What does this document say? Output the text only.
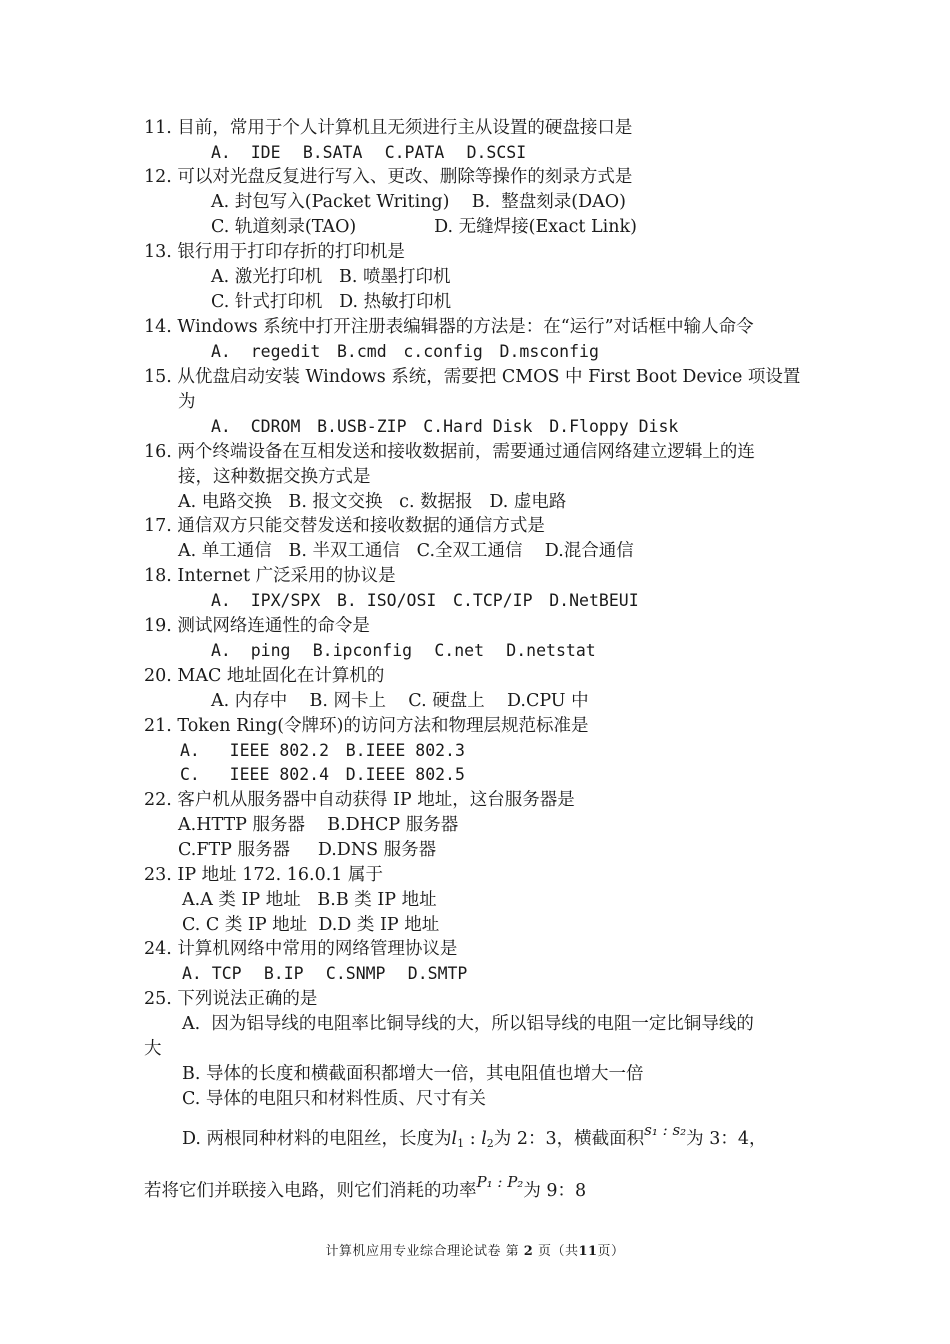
11. 目前，常用于个人计算机且无须进行主从设置的硬盘接口是
A.  IDE B.SATA C.PATA D.SCSI
12. 可以对光盘反复进行写入、更改、删除等操作的刻录方式是
A. 封包写入(Packet Writing) B.  整盘刻录(DAO)
C. 轨道刻录(TAO)	D. 无缝焊接(Exact Link)
13. 银行用于打印存折的打印机是
A. 激光打印机 B. 喷墨打印机
C. 针式打印机 D. 热敏打印机
14. Windows 系统中打开注册表编辑器的方法是：在“运行”对话框中输人命令
A.  regedit B.cmd c.config D.msconfig
15. 从优盘启动安装 Windows 系统，需要把 CMOS 中 First Boot Device 项设置
为
A.  CDROM B.USB-ZIP C.Hard Disk D.Floppy Disk
16. 两个终端设备在互相发送和接收数据前，需要通过通信网络建立逻辑上的连
接，这种数据交换方式是
A. 电路交换 B. 报文交换 c. 数据报 D. 虚电路
17. 通信双方只能交替发送和接收数据的通信方式是
A. 单工通信 B. 半双工通信 C.全双工通信 D.混合通信
18. Internet 广泛采用的协议是
A.  IPX/SPX B. ISO/OSI C.TCP/IP D.NetBEUI
19. 测试网络连通性的命令是
A.  ping B.ipconfig C.net D.netstat
20. MAC 地址固化在计算机的
A. 内存中 B. 网卡上 C. 硬盘上 D.CPU 中
21. Token Ring(令牌环)的访问方法和物理层规范标准是
A.   IEEE 802.2 B.IEEE 802.3
C.   IEEE 802.4 D.IEEE 802.5
22. 客户机从服务器中自动获得 IP 地址，这台服务器是
A.HTTP 服务器 B.DHCP 服务器
C.FTP 服务器 D.DNS 服务器
23. IP 地址 172. 16.0.1 属于
A.A 类 IP 地址 B.B 类 IP 地址
C. C 类 IP 地址 D.D 类 IP 地址
24. 计算机网络中常用的网络管理协议是
A. TCP B.IP C.SNMP D.SMTP
25. 下列说法正确的是
A.  因为铝导线的电阻率比铜导线的大，所以铝导线的电阻一定比铜导线的
大
B. 导体的长度和横截面积都增大一倍，其电阻值也增大一倍
C. 导体的电阻只和材料性质、尺寸有关
D. 两根同种材料的电阻丝，长度为$l_1$ : $l_2$为 2：3，横截面积s₁ : s₂为 3：4，
若将它们并联接入电路，则它们消耗的功率P₁ : P₂为 9：8
计算机应用专业综合理论试卷 第 2 页（共11页）
